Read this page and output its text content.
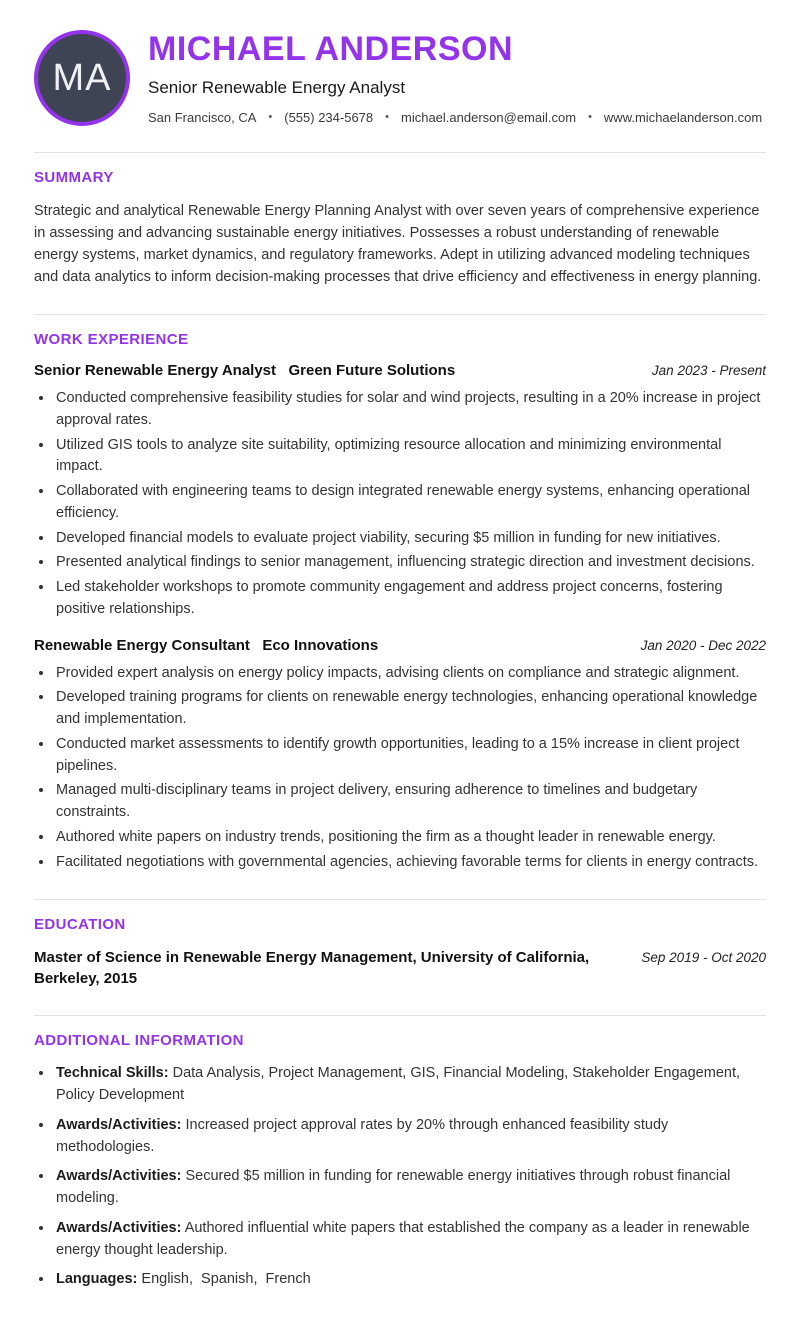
MA
MICHAEL ANDERSON
Senior Renewable Energy Analyst
San Francisco, CA • (555) 234-5678 • michael.anderson@email.com • www.michaelanderson.com
SUMMARY

Strategic and analytical Renewable Energy Planning Analyst with over seven years of comprehensive experience in assessing and advancing sustainable energy initiatives. Possesses a robust understanding of renewable energy systems, market dynamics, and regulatory frameworks. Adept in utilizing advanced modeling techniques and data analytics to inform decision-making processes that drive efficiency and effectiveness in energy planning.

WORK EXPERIENCE
Senior Renewable Energy Analyst Green Future Solutions	Jan 2023 - Present
• Conducted comprehensive feasibility studies for solar and wind projects, resulting in a 20% increase in project approval rates.
• Utilized GIS tools to analyze site suitability, optimizing resource allocation and minimizing environmental impact.
• Collaborated with engineering teams to design integrated renewable energy systems, enhancing operational efficiency.
• Developed financial models to evaluate project viability, securing $5 million in funding for new initiatives.
• Presented analytical findings to senior management, influencing strategic direction and investment decisions.
• Led stakeholder workshops to promote community engagement and address project concerns, fostering positive relationships.
Renewable Energy Consultant Eco Innovations	Jan 2020 - Dec 2022
• Provided expert analysis on energy policy impacts, advising clients on compliance and strategic alignment.
• Developed training programs for clients on renewable energy technologies, enhancing operational knowledge and implementation.
• Conducted market assessments to identify growth opportunities, leading to a 15% increase in client project pipelines.
• Managed multi-disciplinary teams in project delivery, ensuring adherence to timelines and budgetary constraints.
• Authored white papers on industry trends, positioning the firm as a thought leader in renewable energy.
• Facilitated negotiations with governmental agencies, achieving favorable terms for clients in energy contracts.
EDUCATION
Master of Science in Renewable Energy Management, University of California, Berkeley, 2015
Sep 2019 - Oct 2020
ADDITIONAL INFORMATION
• Technical Skills: Data Analysis, Project Management, GIS, Financial Modeling, Stakeholder Engagement, Policy Development
• Awards/Activities: Increased project approval rates by 20% through enhanced feasibility study methodologies.
• Awards/Activities: Secured $5 million in funding for renewable energy initiatives through robust financial modeling.
• Awards/Activities: Authored influential white papers that established the company as a leader in renewable energy thought leadership.
• Languages: English,  Spanish,  French
